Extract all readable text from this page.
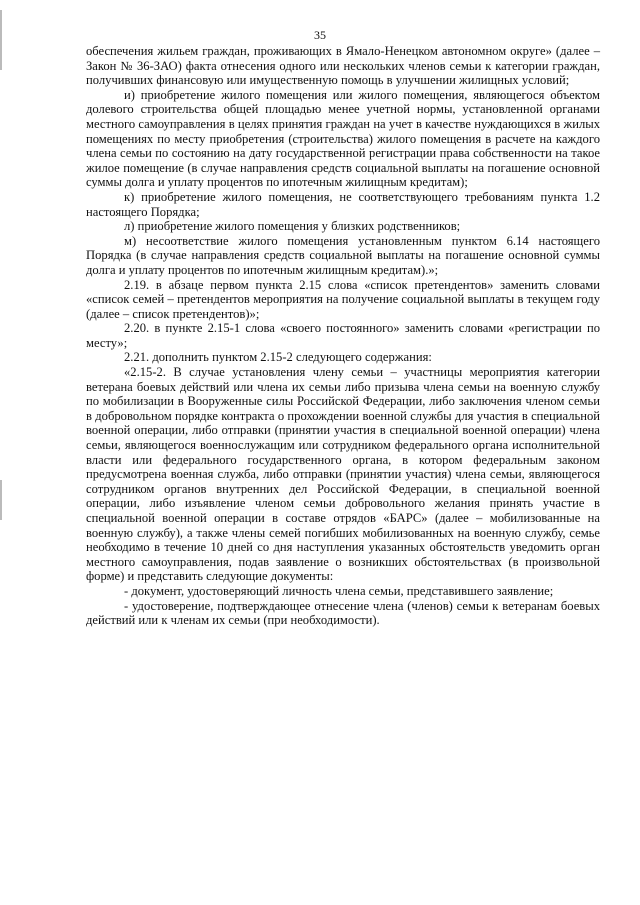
35

обеспечения жильем граждан, проживающих в Ямало-Ненецком автономном округе» (далее – Закон № 36-ЗАО) факта отнесения одного или нескольких членов семьи к категории граждан, получивших финансовую или имущественную помощь в улучшении жилищных условий;

и) приобретение жилого помещения или жилого помещения, являющегося объектом долевого строительства общей площадью менее учетной нормы, установленной органами местного самоуправления в целях принятия граждан на учет в качестве нуждающихся в жилых помещениях по месту приобретения (строительства) жилого помещения в расчете на каждого члена семьи по состоянию на дату государственной регистрации права собственности на такое жилое помещение (в случае направления средств социальной выплаты на погашение основной суммы долга и уплату процентов по ипотечным жилищным кредитам);

к) приобретение жилого помещения, не соответствующего требованиям пункта 1.2 настоящего Порядка;

л) приобретение жилого помещения у близких родственников;

м) несоответствие жилого помещения установленным пунктом 6.14 настоящего Порядка (в случае направления средств социальной выплаты на погашение основной суммы долга и уплату процентов по ипотечным жилищным кредитам).»;

2.19. в абзаце первом пункта 2.15 слова «список претендентов» заменить словами «список семей – претендентов мероприятия на получение социальной выплаты в текущем году (далее – список претендентов)»;

2.20. в пункте 2.15-1 слова «своего постоянного» заменить словами «регистрации по месту»;

2.21. дополнить пунктом 2.15-2 следующего содержания:

«2.15-2. В случае установления члену семьи – участницы мероприятия категории ветерана боевых действий или члена их семьи либо призыва члена семьи на военную службу по мобилизации в Вооруженные силы Российской Федерации, либо заключения членом семьи в добровольном порядке контракта о прохождении военной службы для участия в специальной военной операции, либо отправки (принятии участия в специальной военной операции) члена семьи, являющегося военнослужащим или сотрудником федерального органа исполнительной власти или федерального государственного органа, в котором федеральным законом предусмотрена военная служба, либо отправки (принятии участия) члена семьи, являющегося сотрудником органов внутренних дел Российской Федерации, в специальной военной операции, либо изъявление членом семьи добровольного желания принять участие в специальной военной операции в составе отрядов «БАРС» (далее – мобилизованные на военную службу), а также члены семей погибших мобилизованных на военную службу, семье необходимо в течение 10 дней со дня наступления указанных обстоятельств уведомить орган местного самоуправления, подав заявление о возникших обстоятельствах (в произвольной форме) и представить следующие документы:

- документ, удостоверяющий личность члена семьи, представившего заявление;

- удостоверение, подтверждающее отнесение члена (членов) семьи к ветеранам боевых действий или к членам их семьи (при необходимости).
